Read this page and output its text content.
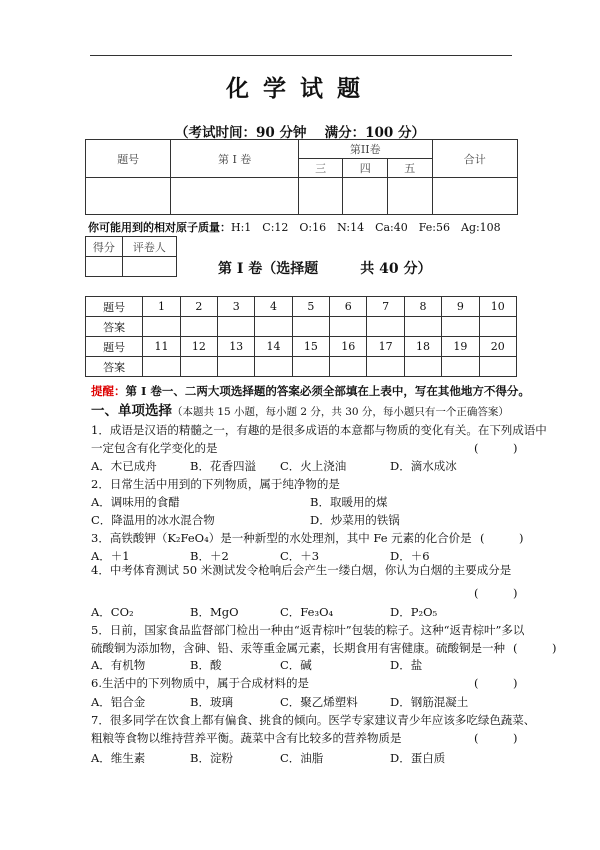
化学试题
（考试时间：90 分钟　 满分：100 分）
题号	第 I 卷	第II卷			合计
		三	四	五	

你可能用到的相对原子质量：H:1　C:12　O:16　N:14　Ca:40　Fe:56　Ag:108
得分	评卷人

第 I 卷（选择题　　　共 40 分）
题号	1	2	3	4	5	6	7	8	9	10
答案										
题号	11	12	13	14	15	16	17	18	19	20
答案										
提醒：第 I 卷一、二两大项选择题的答案必须全部填在上表中，写在其他地方不得分。
一、单项选择（本题共 15 小题，每小题 2 分，共 30 分，每小题只有一个正确答案）
1．成语是汉语的精髓之一，有趣的是很多成语的本意都与物质的变化有关。在下列成语中
一定包含有化学变化的是	(　　　)
A．木已成舟	B．花香四溢 C．火上浇油	D．滴水成冰
2．日常生活中用到的下列物质，属于纯净物的是
A．调味用的食醋	B．取暖用的煤
C．降温用的冰水混合物	D．炒菜用的铁锅
3．高铁酸钾（K₂FeO₄）是一种新型的水处理剂，其中 Fe 元素的化合价是 (　　　)
A．＋1	B．＋2	C．＋3	D．＋6
4．中考体育测试 50 米测试发令枪响后会产生一缕白烟，你认为白烟的主要成分是
(　　　)
A．CO₂	B．MgO	C．Fe₃O₄	D．P₂O₅
5．日前，国家食品监督部门检出一种由“返青棕叶”包装的粽子。这种“返青棕叶”多以
硫酸铜为添加物，含砷、铅、汞等重金属元素，长期食用有害健康。硫酸铜是一种 (　　　)
A．有机物	B．酸	C．碱	D．盐
6.生活中的下列物质中，属于合成材料的是	(　　　)
A．铝合金	B．玻璃	C．聚乙烯塑料	D．钢筋混凝土
7．很多同学在饮食上都有偏食、挑食的倾向。医学专家建议青少年应该多吃绿色蔬菜、
粗粮等食物以维持营养平衡。蔬菜中含有比较多的营养物质是	(　　　)
A．维生素	B．淀粉	C．油脂	D．蛋白质
